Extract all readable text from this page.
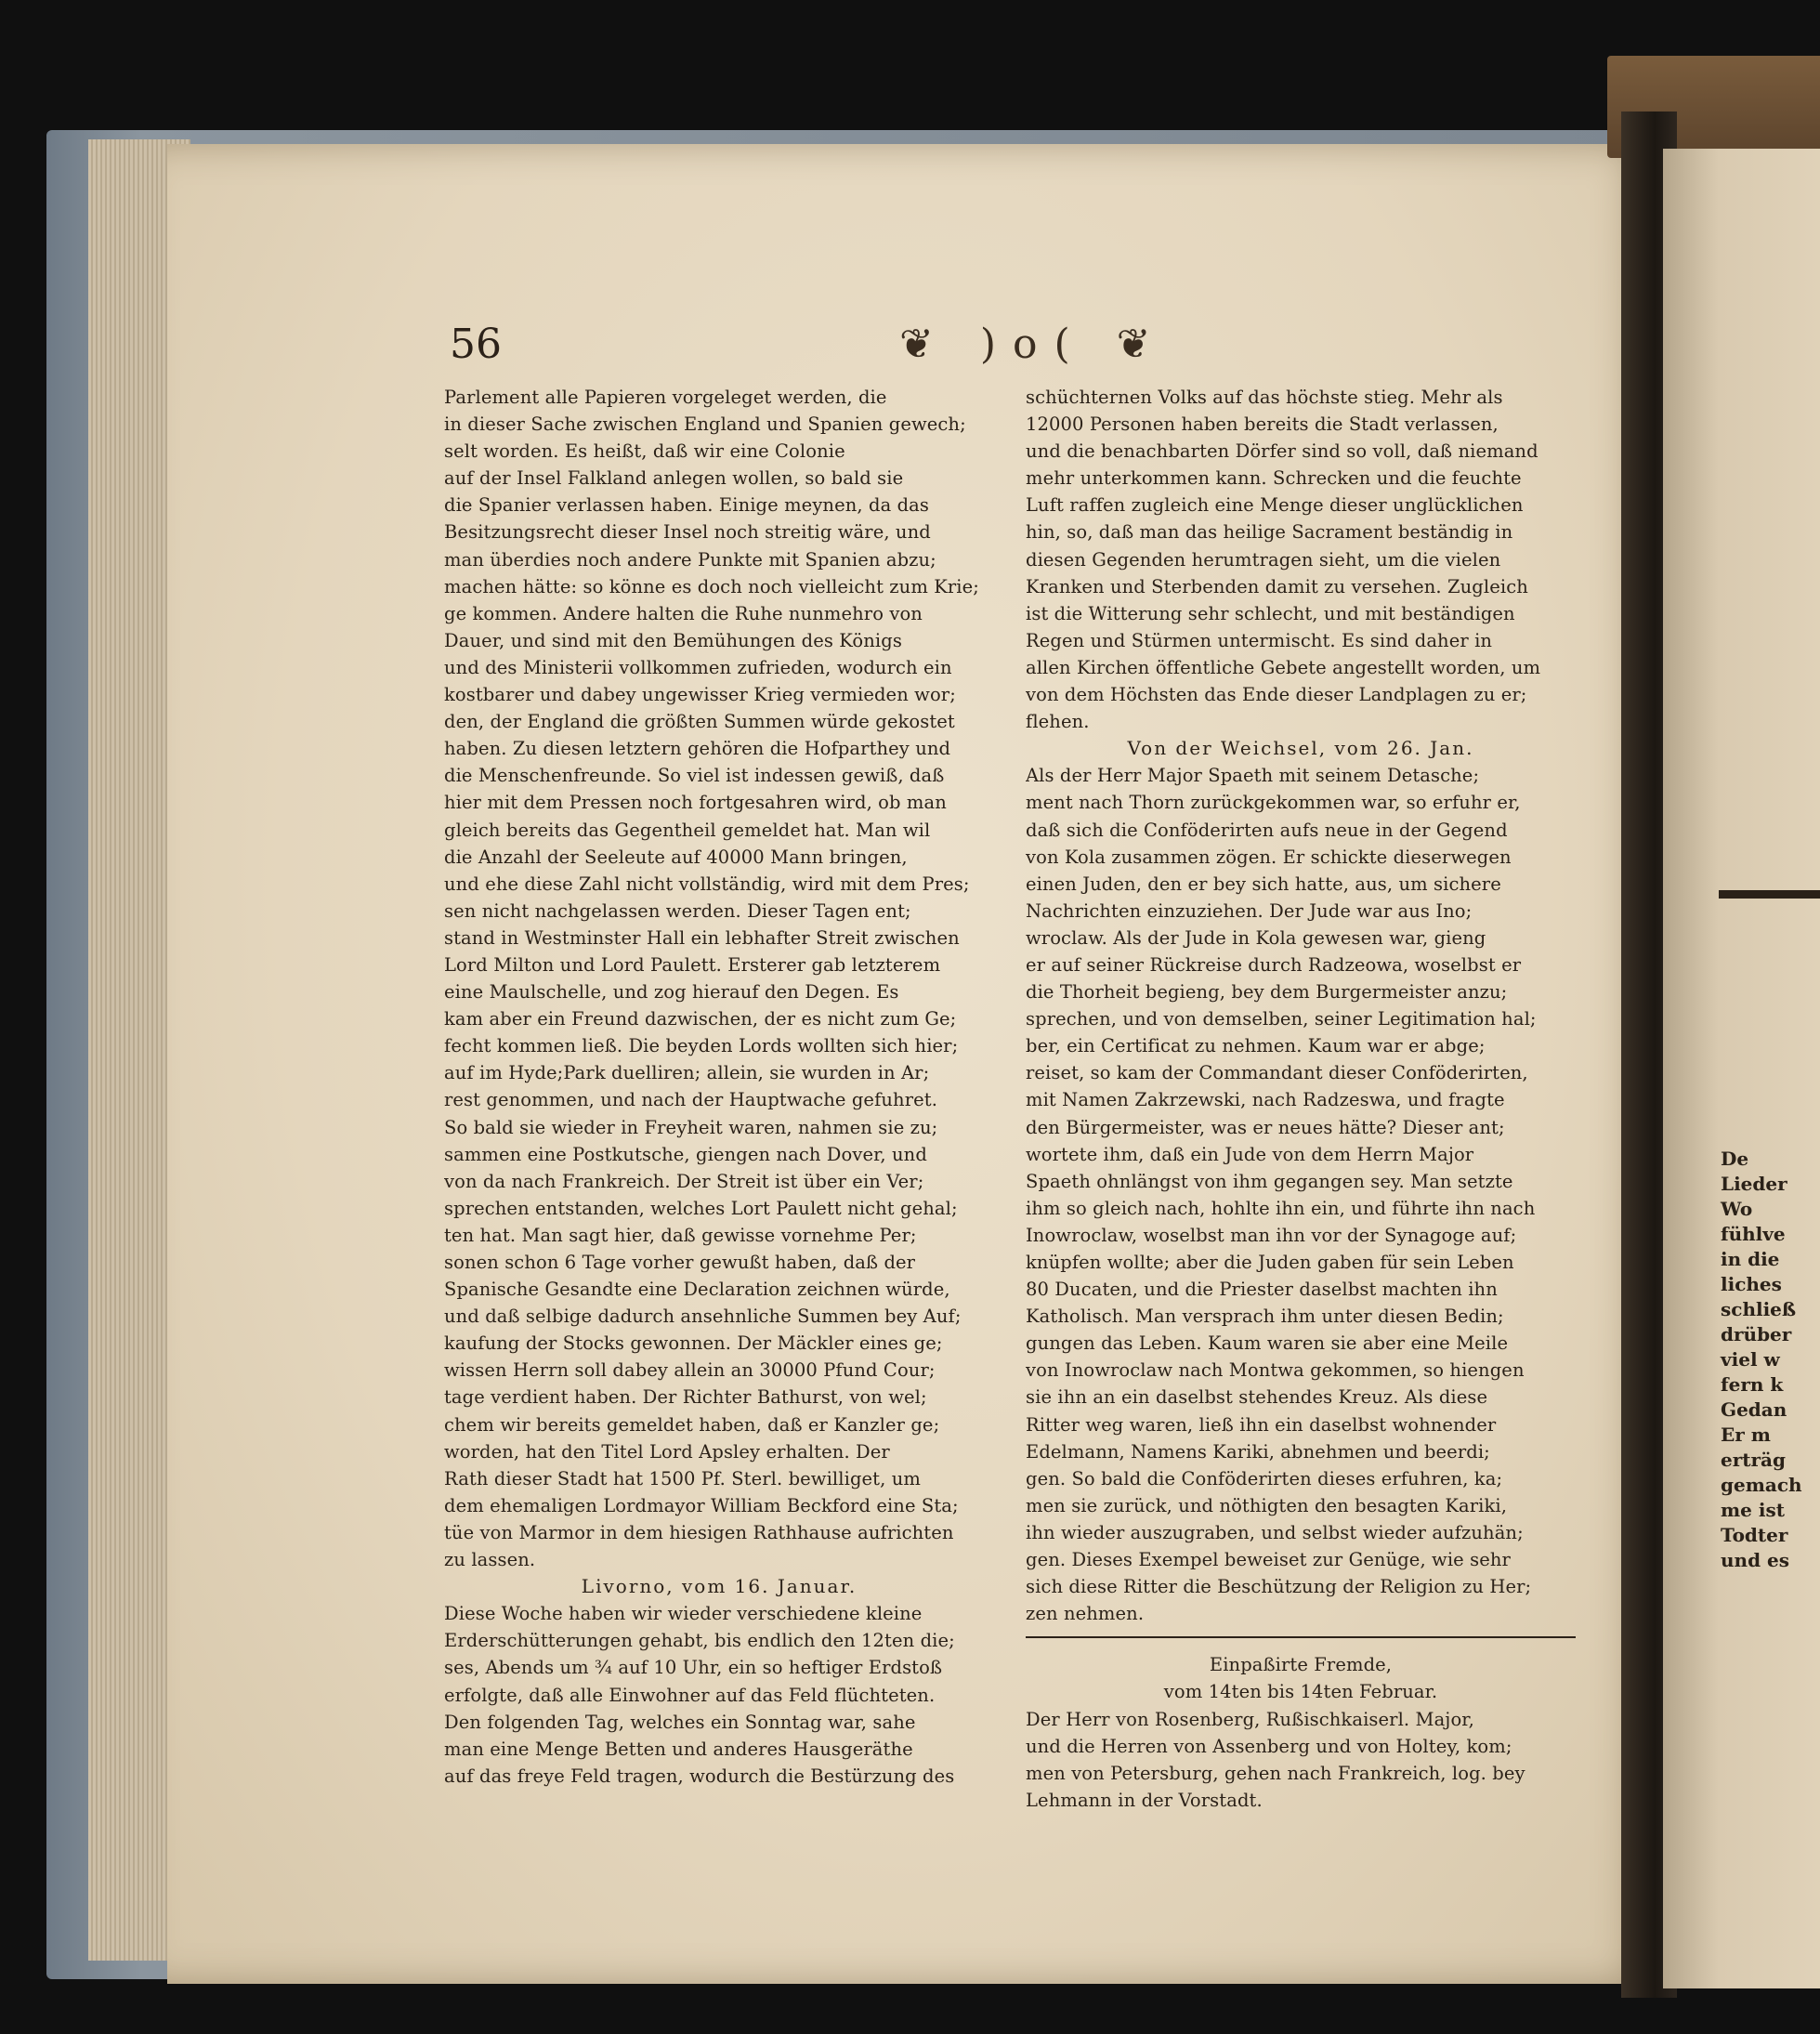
De
Lieder
Wo
fühlve
in die
liches
schließ
drüber
viel w
fern k
Gedan
Er m
erträg
gemach
me ist
Todter
und es
56	❦ )o( ❦
Parlement alle Papieren vorgeleget werden, die
in dieser Sache zwischen England und Spanien gewech;
selt worden. Es heißt, daß wir eine Colonie
auf der Insel Falkland anlegen wollen, so bald sie
die Spanier verlassen haben. Einige meynen, da das
Besitzungsrecht dieser Insel noch streitig wäre, und
man überdies noch andere Punkte mit Spanien abzu;
machen hätte: so könne es doch noch vielleicht zum Krie;
ge kommen. Andere halten die Ruhe nunmehro von
Dauer, und sind mit den Bemühungen des Königs
und des Ministerii vollkommen zufrieden, wodurch ein
kostbarer und dabey ungewisser Krieg vermieden wor;
den, der England die größten Summen würde gekostet
haben. Zu diesen letztern gehören die Hofparthey und
die Menschenfreunde. So viel ist indessen gewiß, daß
hier mit dem Pressen noch fortgesahren wird, ob man
gleich bereits das Gegentheil gemeldet hat. Man wil
die Anzahl der Seeleute auf 40000 Mann bringen,
und ehe diese Zahl nicht vollständig, wird mit dem Pres;
sen nicht nachgelassen werden. Dieser Tagen ent;
stand in Westminster Hall ein lebhafter Streit zwischen
Lord Milton und Lord Paulett. Ersterer gab letzterem
eine Maulschelle, und zog hierauf den Degen. Es
kam aber ein Freund dazwischen, der es nicht zum Ge;
fecht kommen ließ. Die beyden Lords wollten sich hier;
auf im Hyde;Park duelliren; allein, sie wurden in Ar;
rest genommen, und nach der Hauptwache gefuhret.
So bald sie wieder in Freyheit waren, nahmen sie zu;
sammen eine Postkutsche, giengen nach Dover, und
von da nach Frankreich. Der Streit ist über ein Ver;
sprechen entstanden, welches Lort Paulett nicht gehal;
ten hat. Man sagt hier, daß gewisse vornehme Per;
sonen schon 6 Tage vorher gewußt haben, daß der
Spanische Gesandte eine Declaration zeichnen würde,
und daß selbige dadurch ansehnliche Summen bey Auf;
kaufung der Stocks gewonnen. Der Mäckler eines ge;
wissen Herrn soll dabey allein an 30000 Pfund Cour;
tage verdient haben. Der Richter Bathurst, von wel;
chem wir bereits gemeldet haben, daß er Kanzler ge;
worden, hat den Titel Lord Apsley erhalten. Der
Rath dieser Stadt hat 1500 Pf. Sterl. bewilliget, um
dem ehemaligen Lordmayor William Beckford eine Sta;
tüe von Marmor in dem hiesigen Rathhause aufrichten
zu lassen.
Livorno, vom 16. Januar.
Diese Woche haben wir wieder verschiedene kleine
Erderschütterungen gehabt, bis endlich den 12ten die;
ses, Abends um ¾ auf 10 Uhr, ein so heftiger Erdstoß
erfolgte, daß alle Einwohner auf das Feld flüchteten.
Den folgenden Tag, welches ein Sonntag war, sahe
man eine Menge Betten und anderes Hausgeräthe
auf das freye Feld tragen, wodurch die Bestürzung des
schüchternen Volks auf das höchste stieg. Mehr als
12000 Personen haben bereits die Stadt verlassen,
und die benachbarten Dörfer sind so voll, daß niemand
mehr unterkommen kann. Schrecken und die feuchte
Luft raffen zugleich eine Menge dieser unglücklichen
hin, so, daß man das heilige Sacrament beständig in
diesen Gegenden herumtragen sieht, um die vielen
Kranken und Sterbenden damit zu versehen. Zugleich
ist die Witterung sehr schlecht, und mit beständigen
Regen und Stürmen untermischt. Es sind daher in
allen Kirchen öffentliche Gebete angestellt worden, um
von dem Höchsten das Ende dieser Landplagen zu er;
flehen.
Von der Weichsel, vom 26. Jan.
Als der Herr Major Spaeth mit seinem Detasche;
ment nach Thorn zurückgekommen war, so erfuhr er,
daß sich die Conföderirten aufs neue in der Gegend
von Kola zusammen zögen. Er schickte dieserwegen
einen Juden, den er bey sich hatte, aus, um sichere
Nachrichten einzuziehen. Der Jude war aus Ino;
wroclaw. Als der Jude in Kola gewesen war, gieng
er auf seiner Rückreise durch Radzeowa, woselbst er
die Thorheit begieng, bey dem Burgermeister anzu;
sprechen, und von demselben, seiner Legitimation hal;
ber, ein Certificat zu nehmen. Kaum war er abge;
reiset, so kam der Commandant dieser Conföderirten,
mit Namen Zakrzewski, nach Radzeswa, und fragte
den Bürgermeister, was er neues hätte? Dieser ant;
wortete ihm, daß ein Jude von dem Herrn Major
Spaeth ohnlängst von ihm gegangen sey. Man setzte
ihm so gleich nach, hohlte ihn ein, und führte ihn nach
Inowroclaw, woselbst man ihn vor der Synagoge auf;
knüpfen wollte; aber die Juden gaben für sein Leben
80 Ducaten, und die Priester daselbst machten ihn
Katholisch. Man versprach ihm unter diesen Bedin;
gungen das Leben. Kaum waren sie aber eine Meile
von Inowroclaw nach Montwa gekommen, so hiengen
sie ihn an ein daselbst stehendes Kreuz. Als diese
Ritter weg waren, ließ ihn ein daselbst wohnender
Edelmann, Namens Kariki, abnehmen und beerdi;
gen. So bald die Conföderirten dieses erfuhren, ka;
men sie zurück, und nöthigten den besagten Kariki,
ihn wieder auszugraben, und selbst wieder aufzuhän;
gen. Dieses Exempel beweiset zur Genüge, wie sehr
sich diese Ritter die Beschützung der Religion zu Her;
zen nehmen.
Einpaßirte Fremde,
vom 14ten bis 14ten Februar.
Der Herr von Rosenberg, Rußischkaiserl. Major,
und die Herren von Assenberg und von Holtey, kom;
men von Petersburg, gehen nach Frankreich, log. bey
Lehmann in der Vorstadt.
